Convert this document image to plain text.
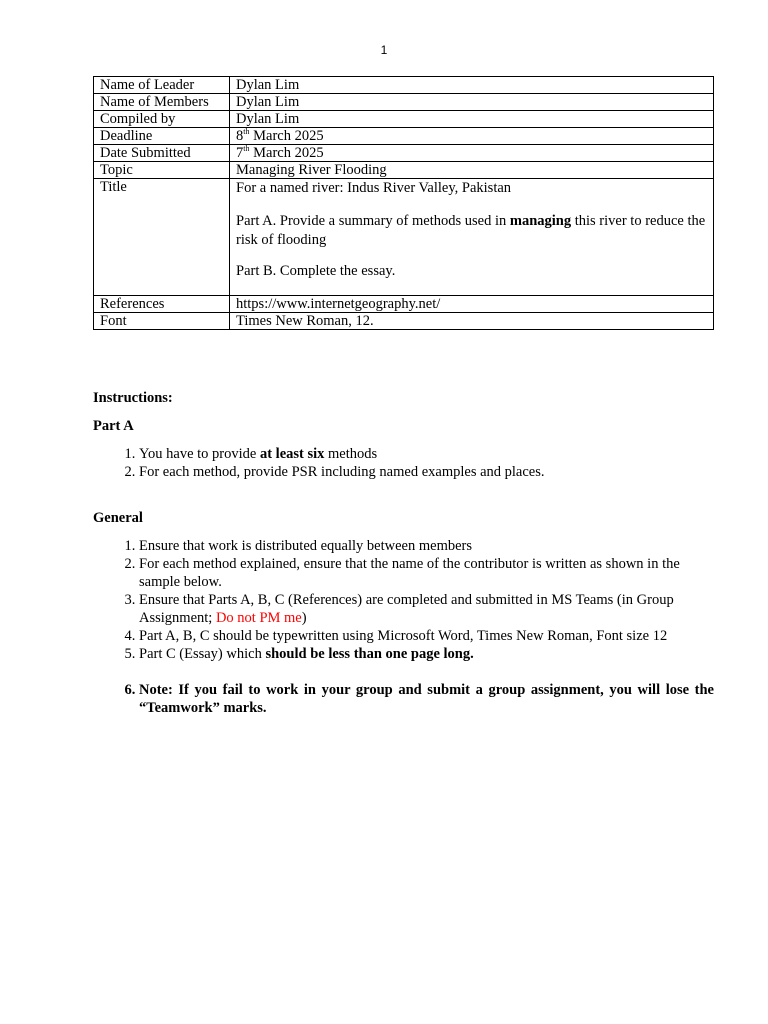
1
Name of Leader	Dylan Lim
Name of Members	Dylan Lim
Compiled by	Dylan Lim
Deadline	8th March 2025
Date Submitted	7th March 2025
Topic	Managing River Flooding
Title	For a named river: Indus River Valley, Pakistan

Part A. Provide a summary of methods used in managing this river to reduce the risk of flooding

Part B. Complete the essay.

References	https://www.internetgeography.net/
Font	Times New Roman, 12.

Instructions:

Part A

1. You have to provide at least six methods
2. For each method, provide PSR including named examples and places.

General

1. Ensure that work is distributed equally between members
2. For each method explained, ensure that the name of the contributor is written as shown in the sample below.
3. Ensure that Parts A, B, C (References) are completed and submitted in MS Teams (in Group Assignment; Do not PM me)
4. Part A, B, C should be typewritten using Microsoft Word, Times New Roman, Font size 12
5. Part C (Essay) which should be less than one page long.
6. Note: If you fail to work in your group and submit a group assignment, you will lose the “Teamwork” marks.
